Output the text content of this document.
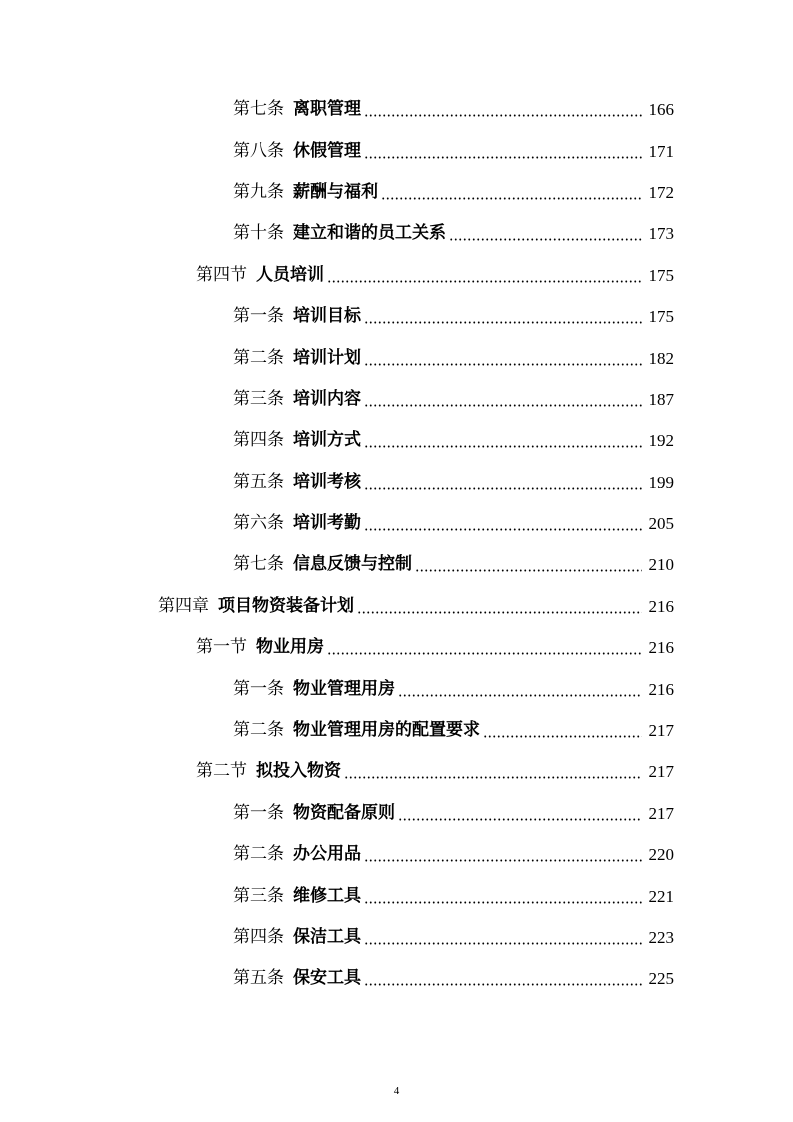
第七条 离职管理	166
第八条 休假管理	171
第九条 薪酬与福利	172
第十条 建立和谐的员工关系	173
第四节 人员培训	175
第一条 培训目标	175
第二条 培训计划	182
第三条 培训内容	187
第四条 培训方式	192
第五条 培训考核	199
第六条 培训考勤	205
第七条 信息反馈与控制	210
第四章 项目物资装备计划	216
第一节 物业用房	216
第一条 物业管理用房	216
第二条 物业管理用房的配置要求	217
第二节 拟投入物资	217
第一条 物资配备原则	217
第二条 办公用品	220
第三条 维修工具	221
第四条 保洁工具	223
第五条 保安工具	225
4
